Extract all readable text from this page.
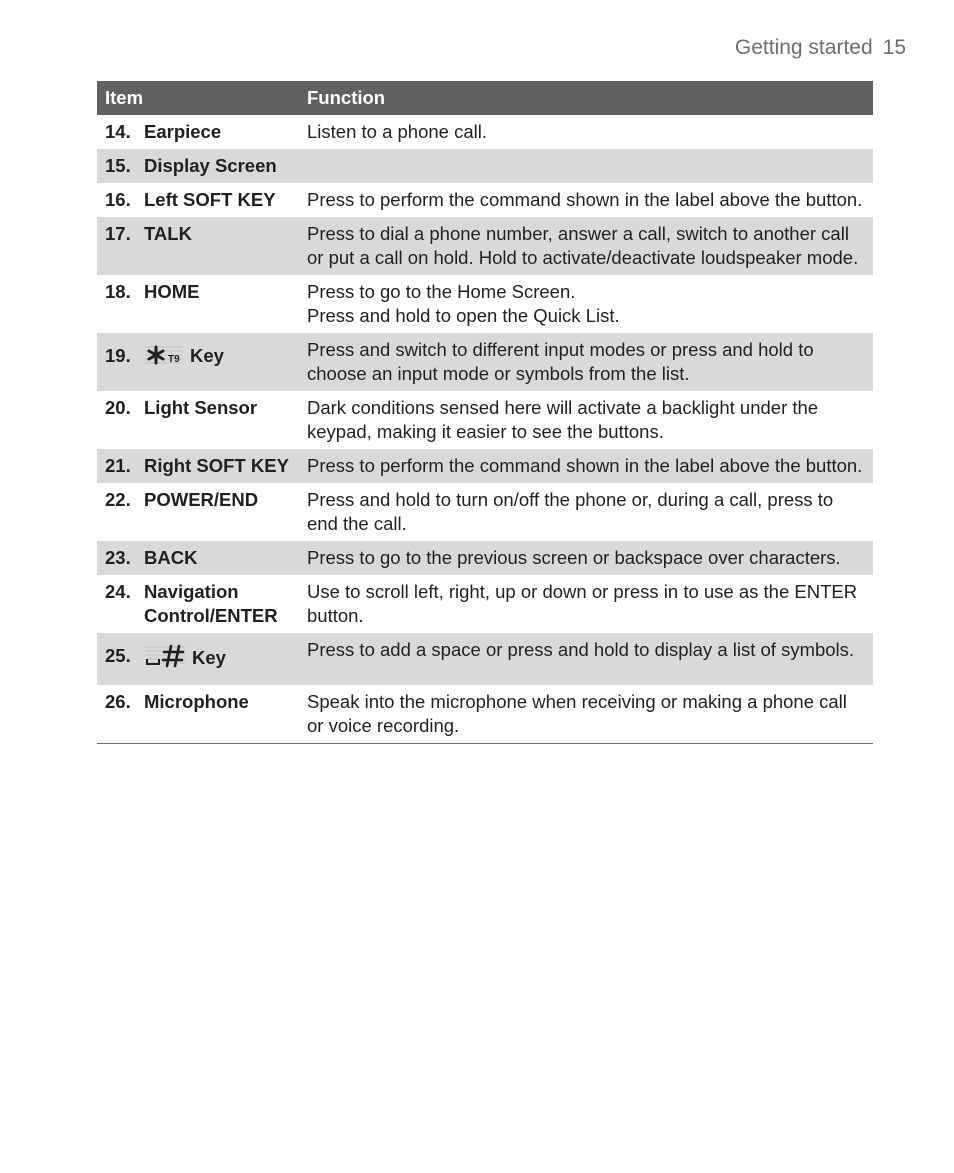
Getting started 15
Item	Function

14. Earpiece	Listen to a phone call.

15. Display Screen	

16. Left SOFT KEY	Press to perform the command shown in the label above the button.

17. TALK	Press to dial a phone number, answer a call, switch to another call or put a call on hold. Hold to activate/deactivate loudspeaker mode.

18. HOME	Press to go to the Home Screen.
Press and hold to open the Quick List.

19. T9 Key	Press and switch to different input modes or press and hold to choose an input mode or symbols from the list.

20. Light Sensor	Dark conditions sensed here will activate a backlight under the keypad, making it easier to see the buttons.

21. Right SOFT KEY	Press to perform the command shown in the label above the button.

22. POWER/END	Press and hold to turn on/off the phone or, during a call, press to end the call.

23. BACK	Press to go to the previous screen or backspace over characters.

24. Navigation Control/ENTER	Use to scroll left, right, up or down or press in to use as the ENTER button.

25. Key	Press to add a space or press and hold to display a list of symbols.

26. Microphone	Speak into the microphone when receiving or making a phone call or voice recording.
